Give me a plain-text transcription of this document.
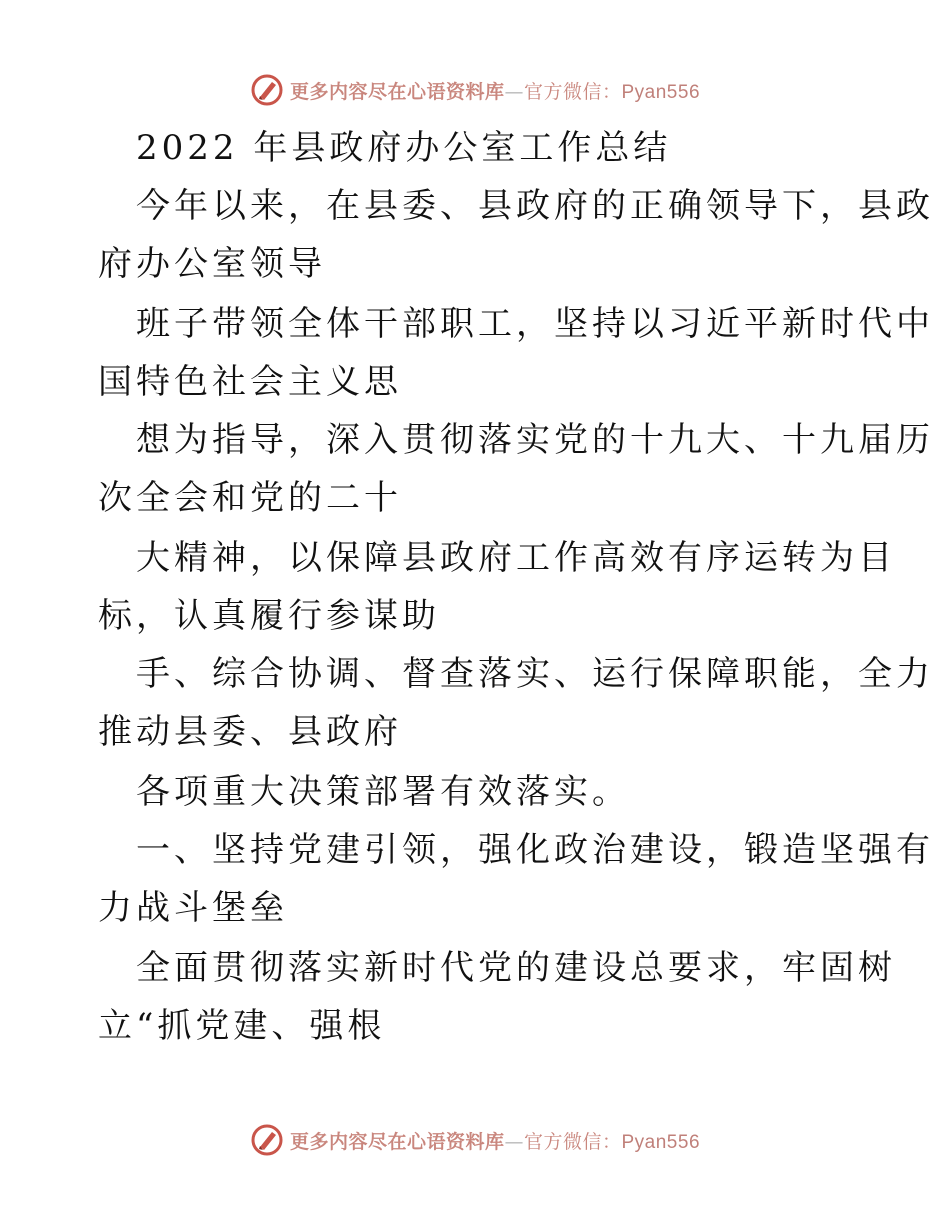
更多内容尽在心语资料库—官方微信：Pyan556
2022 年县政府办公室工作总结
今年以来，在县委、县政府的正确领导下，县政
府办公室领导
班子带领全体干部职工，坚持以习近平新时代中
国特色社会主义思
想为指导，深入贯彻落实党的十九大、十九届历
次全会和党的二十
大精神，以保障县政府工作高效有序运转为目
标，认真履行参谋助
手、综合协调、督查落实、运行保障职能，全力
推动县委、县政府
各项重大决策部署有效落实。
一、坚持党建引领，强化政治建设，锻造坚强有
力战斗堡垒
全面贯彻落实新时代党的建设总要求，牢固树
立“抓党建、强根
更多内容尽在心语资料库—官方微信：Pyan556
